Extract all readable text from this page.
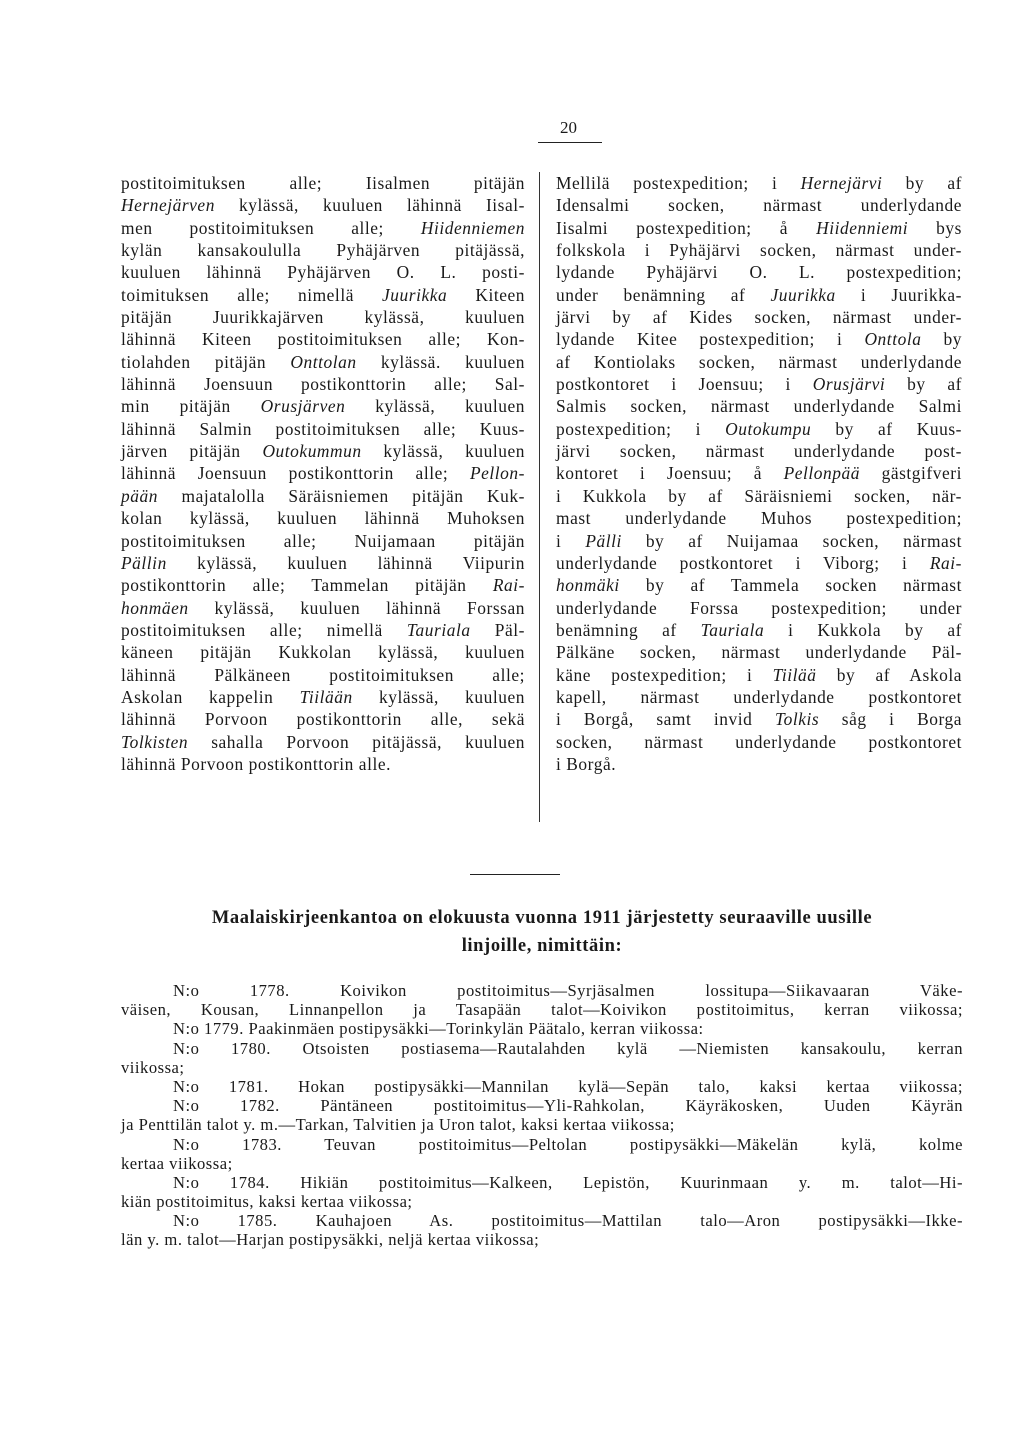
20
postitoimituksen alle; Iisalmen pitäjän
Hernejärven kylässä, kuuluen lähinnä Iisal-
men postitoimituksen alle; Hiidenniemen
kylän kansakoululla Pyhäjärven pitäjässä,
kuuluen lähinnä Pyhäjärven O. L. posti-
toimituksen alle; nimellä Juurikka Kiteen
pitäjän Juurikkajärven kylässä, kuuluen
lähinnä Kiteen postitoimituksen alle; Kon-
tiolahden pitäjän Onttolan kylässä. kuuluen
lähinnä Joensuun postikonttorin alle; Sal-
min pitäjän Orusjärven kylässä, kuuluen
lähinnä Salmin postitoimituksen alle; Kuus-
järven pitäjän Outokummun kylässä, kuuluen
lähinnä Joensuun postikonttorin alle; Pellon-
pään majatalolla Säräisniemen pitäjän Kuk-
kolan kylässä, kuuluen lähinnä Muhoksen
postitoimituksen alle; Nuijamaan pitäjän
Pällin kylässä, kuuluen lähinnä Viipurin
postikonttorin alle; Tammelan pitäjän Rai-
honmäen kylässä, kuuluen lähinnä Forssan
postitoimituksen alle; nimellä Tauriala Päl-
käneen pitäjän Kukkolan kylässä, kuuluen
lähinnä Pälkäneen postitoimituksen alle;
Askolan kappelin Tiilään kylässä, kuuluen
lähinnä Porvoon postikonttorin alle, sekä
Tolkisten sahalla Porvoon pitäjässä, kuuluen
lähinnä Porvoon postikonttorin alle.
Mellilä postexpedition; i Hernejärvi by af
Idensalmi socken, närmast underlydande
Iisalmi postexpedition; å Hiidenniemi bys
folkskola i Pyhäjärvi socken, närmast under-
lydande Pyhäjärvi O. L. postexpedition;
under benämning af Juurikka i Juurikka-
järvi by af Kides socken, närmast under-
lydande Kitee postexpedition; i Onttola by
af Kontiolaks socken, närmast underlydande
postkontoret i Joensuu; i Orusjärvi by af
Salmis socken, närmast underlydande Salmi
postexpedition; i Outokumpu by af Kuus-
järvi socken, närmast underlydande post-
kontoret i Joensuu; å Pellonpää gästgifveri
i Kukkola by af Säräisniemi socken, när-
mast underlydande Muhos postexpedition;
i Pälli by af Nuijamaa socken, närmast
underlydande postkontoret i Viborg; i Rai-
honmäki by af Tammela socken närmast
underlydande Forssa postexpedition; under
benämning af Tauriala i Kukkola by af
Pälkäne socken, närmast underlydande Päl-
käne postexpedition; i Tiilää by af Askola
kapell, närmast underlydande postkontoret
i Borgå, samt invid Tolkis såg i Borga
socken, närmast underlydande postkontoret
i Borgå.
Maalaiskirjeenkantoa on elokuusta vuonna 1911 järjestetty seuraaville uusille
linjoille, nimittäin:
N:o 1778. Koivikon postitoimitus—Syrjäsalmen lossitupa—Siikavaaran Väke-
väisen, Kousan, Linnanpellon ja Tasapään talot—Koivikon postitoimitus, kerran viikossa;
N:o 1779. Paakinmäen postipysäkki—Torinkylän Päätalo, kerran viikossa:
N:o 1780. Otsoisten postiasema—Rautalahden kylä —Niemisten kansakoulu, kerran
viikossa;
N:o 1781. Hokan postipysäkki—Mannilan kylä—Sepän talo, kaksi kertaa viikossa;
N:o 1782. Päntäneen postitoimitus—Yli-Rahkolan, Käyräkosken, Uuden Käyrän
ja Penttilän talot y. m.—Tarkan, Talvitien ja Uron talot, kaksi kertaa viikossa;
N:o 1783. Teuvan postitoimitus—Peltolan postipysäkki—Mäkelän kylä, kolme
kertaa viikossa;
N:o 1784. Hikiän postitoimitus—Kalkeen, Lepistön, Kuurinmaan y. m. talot—Hi-
kiän postitoimitus, kaksi kertaa viikossa;
N:o 1785. Kauhajoen As. postitoimitus—Mattilan talo—Aron postipysäkki—Ikke-
län y. m. talot—Harjan postipysäkki, neljä kertaa viikossa;
